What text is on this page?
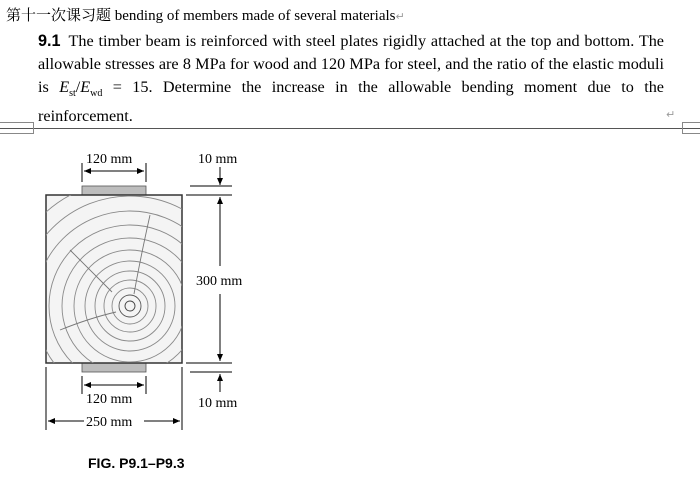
第十一次课习题 bending of members made of several materials↵
9.1 The timber beam is reinforced with steel plates rigidly attached at the top and bottom. The allowable stresses are 8 MPa for wood and 120 MPa for steel, and the ratio of the elastic moduli is $E_{st}/E_{wd} = 15$. Determine the increase in the allowable bending moment due to the reinforcement.	↵
120 mm	10 mm
300 mm
10 mm
120 mm
250 mm
FIG. P9.1–P9.3
